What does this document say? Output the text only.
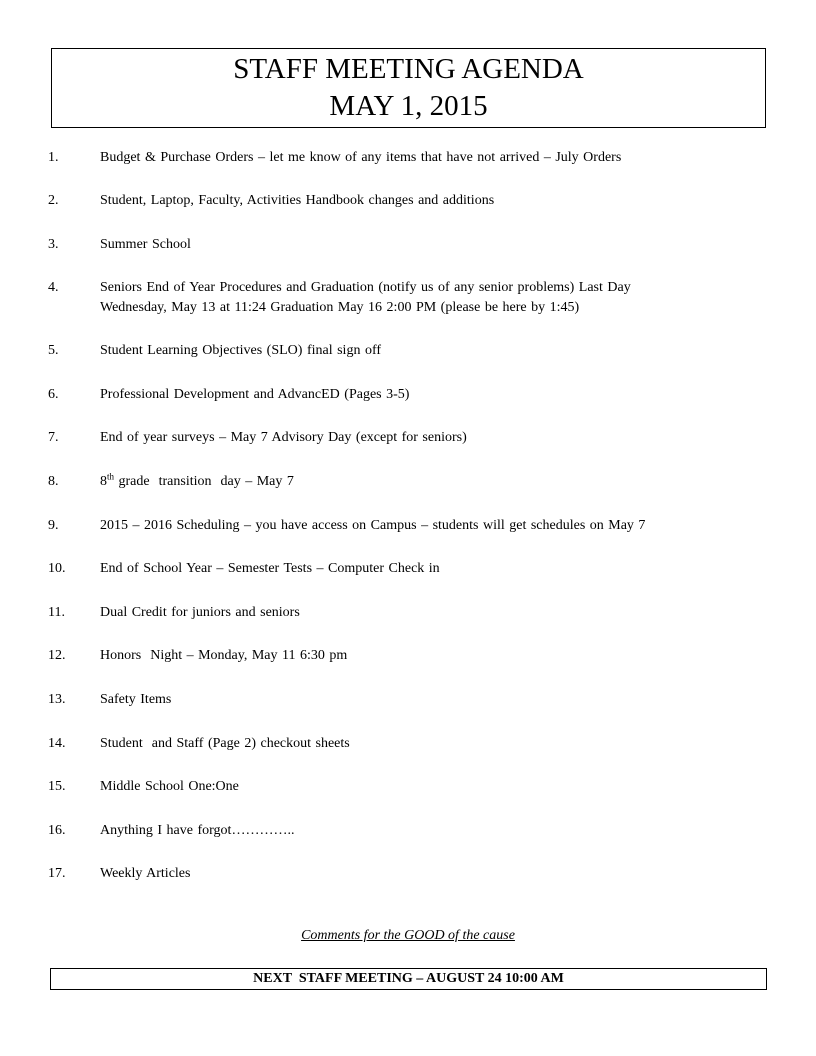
STAFF MEETING AGENDA
MAY 1, 2015
1.	Budget & Purchase Orders – let me know of any items that have not arrived – July Orders
2.	Student, Laptop, Faculty, Activities Handbook changes and additions
3.	Summer School
4.	Seniors End of Year Procedures and Graduation (notify us of any senior problems) Last Day
Wednesday, May 13 at 11:24 Graduation May 16 2:00 PM (please be here by 1:45)
5.	Student Learning Objectives (SLO) final sign off
6.	Professional Development and AdvancED (Pages 3-5)
7.	End of year surveys – May 7 Advisory Day (except for seniors)
8.	8th grade  transition  day – May 7
9.	2015 – 2016 Scheduling – you have access on Campus – students will get schedules on May 7
10.	End of School Year – Semester Tests – Computer Check in
11.	Dual Credit for juniors and seniors
12.	Honors  Night – Monday, May 11 6:30 pm
13.	Safety Items
14.	Student  and Staff (Page 2) checkout sheets
15.	Middle School One:One
16.	Anything I have forgot…………..
17.	Weekly Articles
Comments for the GOOD of the cause
NEXT  STAFF MEETING – AUGUST 24 10:00 AM
